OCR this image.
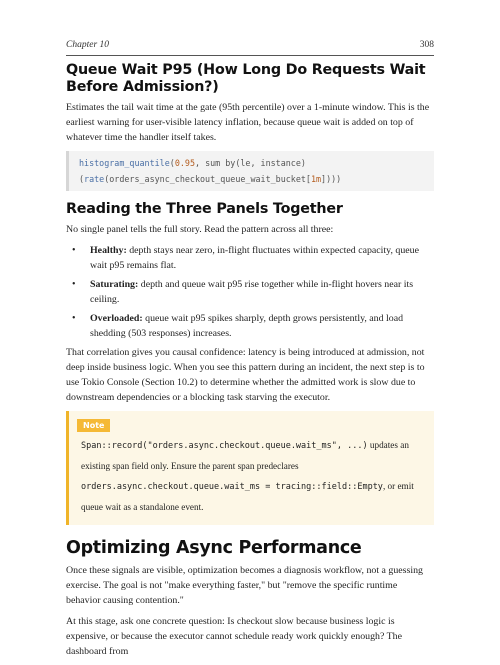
Chapter 10	308
Queue Wait P95 (How Long Do Requests Wait Before Admission?)

Estimates the tail wait time at the gate (95th percentile) over a 1-minute window. This is the earliest warning for user-visible latency inflation, because queue wait is added on top of whatever time the handler itself takes.

histogram_quantile(0.95, sum by(le, instance)
(rate(orders_async_checkout_queue_wait_bucket[1m])))
Reading the Three Panels Together

No single panel tells the full story. Read the pattern across all three:

• Healthy: depth stays near zero, in-flight fluctuates within expected capacity, queue wait p95 remains flat.
• Saturating: depth and queue wait p95 rise together while in-flight hovers near its ceiling.
• Overloaded: queue wait p95 spikes sharply, depth grows persistently, and load shedding (503 responses) increases.

That correlation gives you causal confidence: latency is being introduced at admission, not deep inside business logic. When you see this pattern during an incident, the next step is to use Tokio Console (Section 10.2) to determine whether the admitted work is slow due to downstream dependencies or a blocking task starving the executor.

Note

Span::record("orders.async.checkout.queue.wait_ms", ...) updates an existing span field only. Ensure the parent span predeclares orders.async.checkout.queue.wait_ms = tracing::field::Empty, or emit queue wait as a standalone event.

Optimizing Async Performance

Once these signals are visible, optimization becomes a diagnosis workflow, not a guessing exercise. The goal is not "make everything faster," but "remove the specific runtime behavior causing contention."

At this stage, ask one concrete question: Is checkout slow because business logic is expensive, or because the executor cannot schedule ready work quickly enough? The dashboard from
